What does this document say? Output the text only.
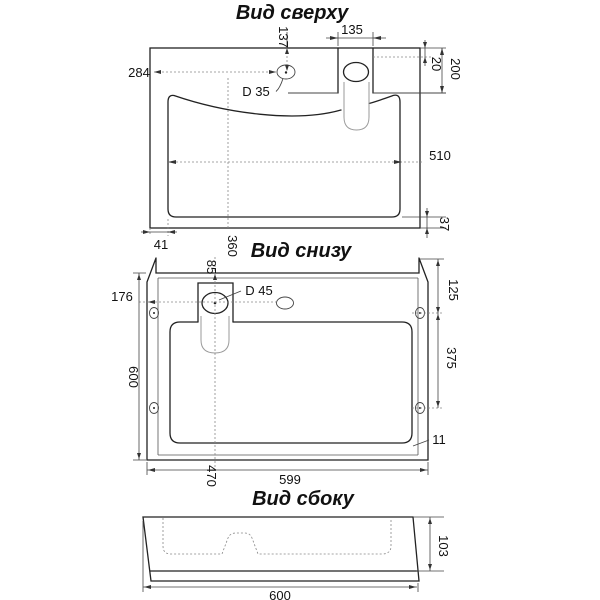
Вид сверху
137	135
284
20 200
D 35
510
37
41	360 Вид снизу
85
D 45
176	125
375
600
470
11
599
Вид сбоку
103
600
